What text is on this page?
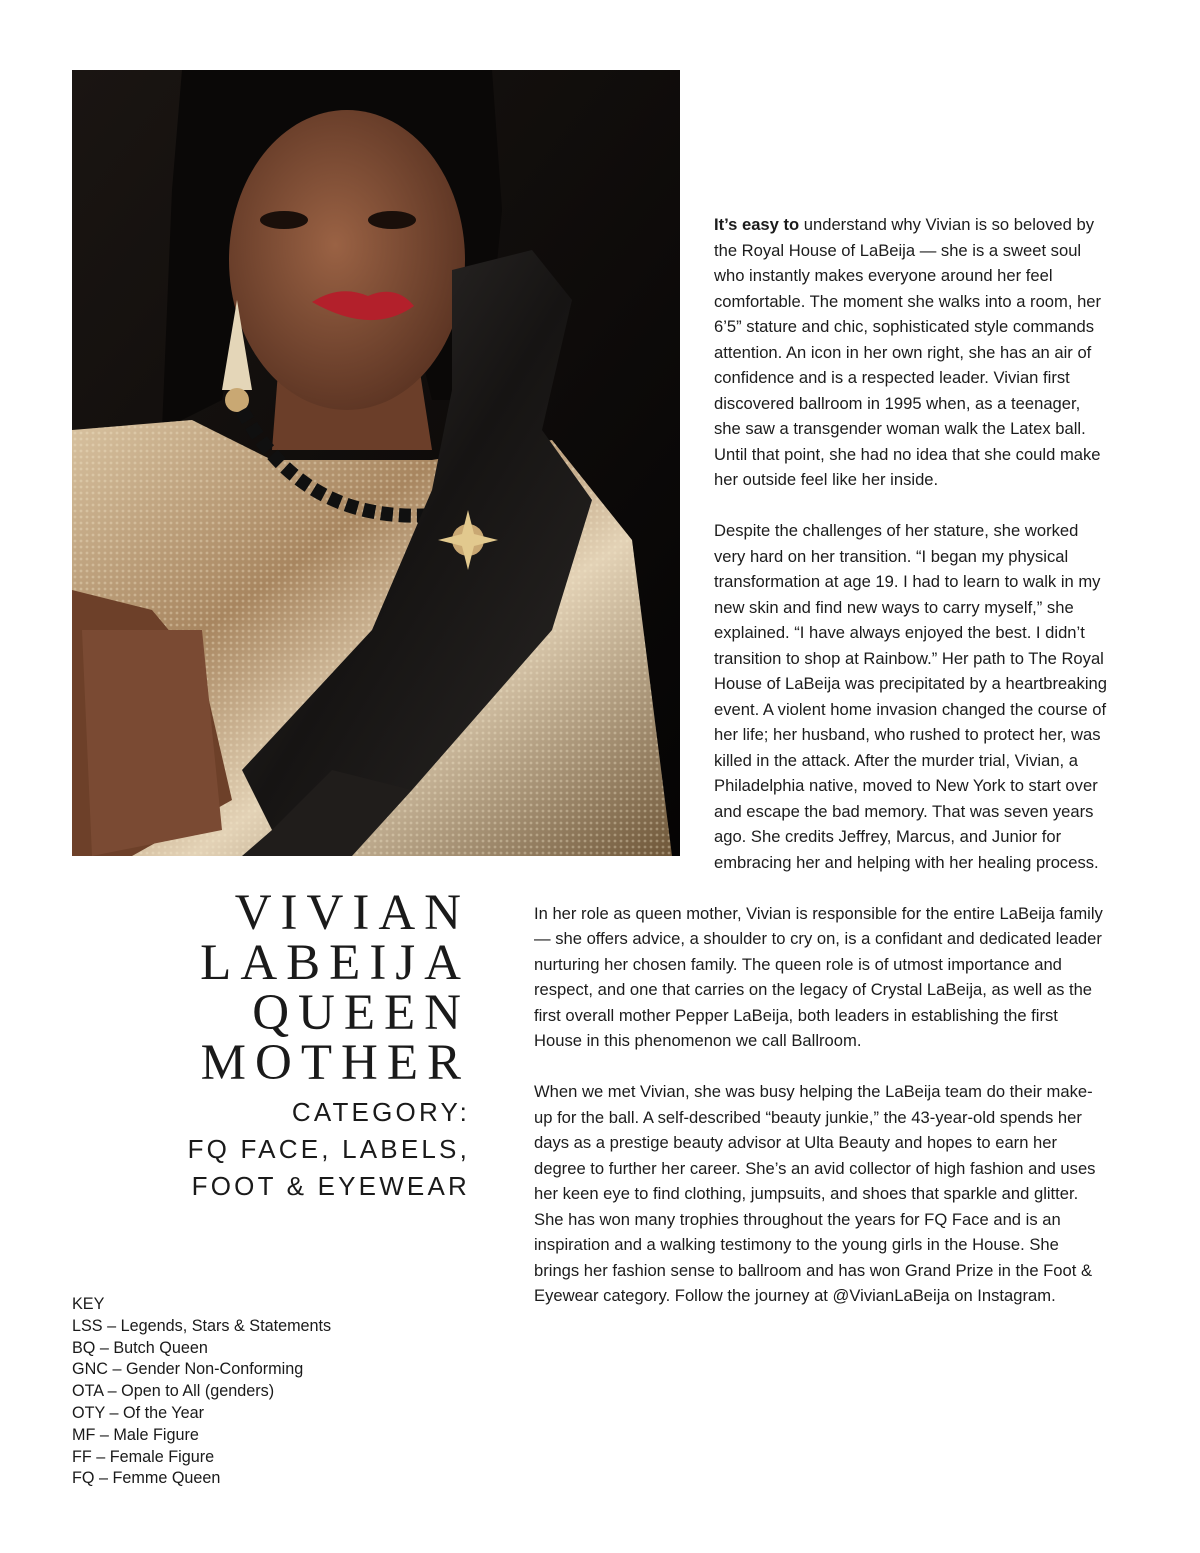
It’s easy to understand why Vivian is so beloved by the Royal House of LaBeija — she is a sweet soul who instantly makes everyone around her feel comfortable. The moment she walks into a room, her 6’5” stature and chic, sophisticated style commands attention. An icon in her own right, she has an air of confidence and is a respected leader. Vivian first discovered ballroom in 1995 when, as a teenager, she saw a transgender woman walk the Latex ball. Until that point, she had no idea that she could make her outside feel like her inside.

Despite the challenges of her stature, she worked very hard on her transition. “I began my physical transformation at age 19. I had to learn to walk in my new skin and find new ways to carry myself,” she explained. “I have always enjoyed the best. I didn’t transition to shop at Rainbow.” Her path to The Royal House of LaBeija was precipitated by a heartbreaking event. A violent home invasion changed the course of her life; her husband, who rushed to protect her, was killed in the attack. After the murder trial, Vivian, a Philadelphia native, moved to New York to start over and escape the bad memory. That was seven years ago. She credits Jeffrey, Marcus, and Junior for embracing her and helping with her healing process.

In her role as queen mother, Vivian is responsible for the entire LaBeija family — she offers advice, a shoulder to cry on, is a confidant and dedicated leader nurturing her chosen family. The queen role is of utmost importance and respect, and one that carries on the legacy of Crystal LaBeija, as well as the first overall mother Pepper LaBeija, both leaders in establishing the first House in this phenomenon we call Ballroom.

When we met Vivian, she was busy helping the LaBeija team do their make-up for the ball. A self-described “beauty junkie,” the 43-year-old spends her days as a prestige beauty advisor at Ulta Beauty and hopes to earn her degree to further her career. She’s an avid collector of high fashion and uses her keen eye to find clothing, jumpsuits, and shoes that sparkle and glitter. She has won many trophies throughout the years for FQ Face and is an inspiration and a walking testimony to the young girls in the House. She brings her fashion sense to ballroom and has won Grand Prize in the Foot & Eyewear category. Follow the journey at @VivianLaBeija on Instagram.

VIVIAN
LABEIJA
QUEEN
MOTHER
CATEGORY:
FQ FACE, LABELS,
FOOT & EYEWEAR
KEY
LSS – Legends, Stars & Statements
BQ – Butch Queen
GNC – Gender Non-Conforming
OTA – Open to All (genders)
OTY – Of the Year
MF – Male Figure
FF – Female Figure
FQ – Femme Queen
